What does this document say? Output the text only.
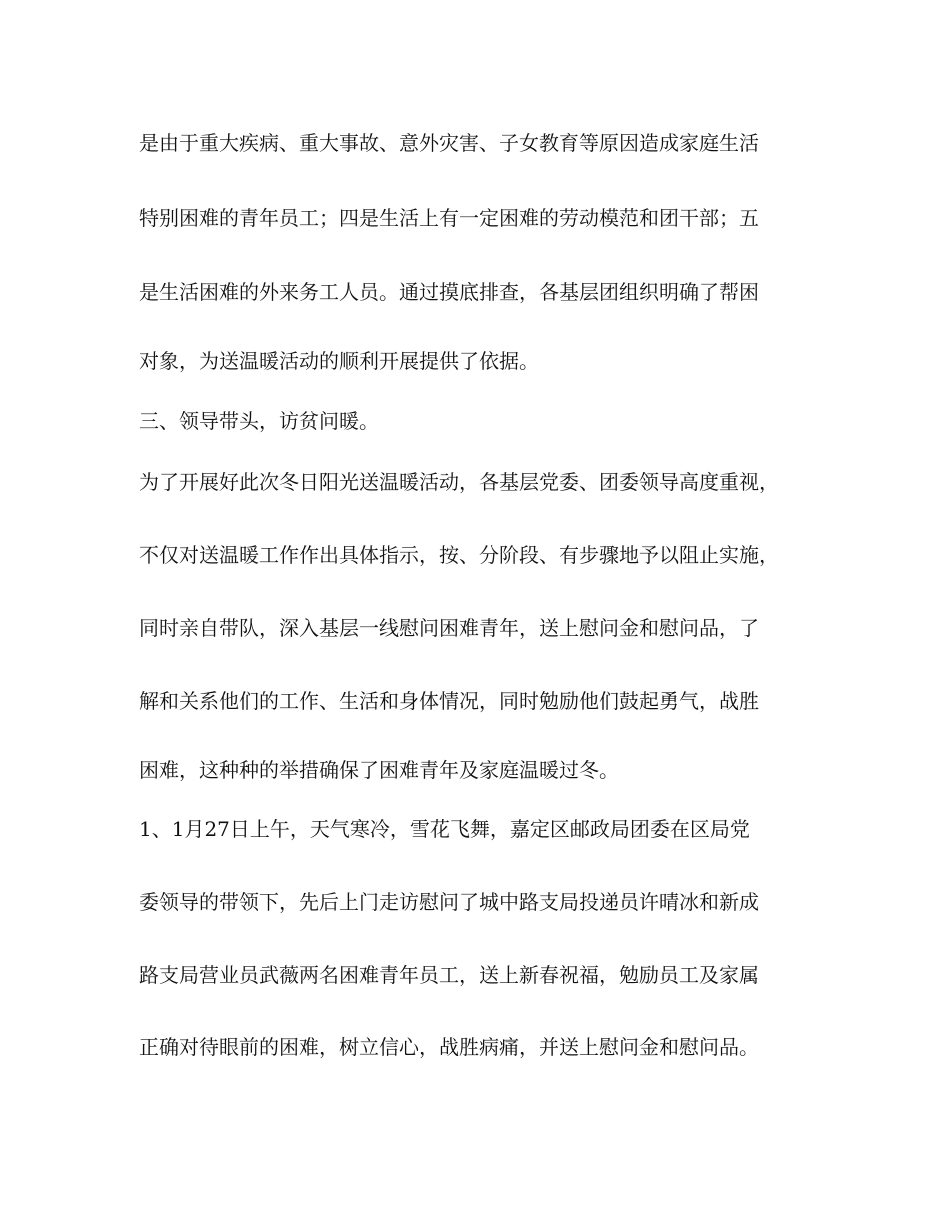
是由于重大疾病、重大事故、意外灾害、子女教育等原因造成家庭生活
特别困难的青年员工；四是生活上有一定困难的劳动模范和团干部；五
是生活困难的外来务工人员。通过摸底排查，各基层团组织明确了帮困
对象，为送温暖活动的顺利开展提供了依据。
三、领导带头，访贫问暖。
为了开展好此次冬日阳光送温暖活动，各基层党委、团委领导高度重视，
不仅对送温暖工作作出具体指示，按、分阶段、有步骤地予以阻止实施，
同时亲自带队，深入基层一线慰问困难青年，送上慰问金和慰问品，了
解和关系他们的工作、生活和身体情况，同时勉励他们鼓起勇气，战胜
困难，这种种的举措确保了困难青年及家庭温暖过冬。
1、1月27日上午，天气寒冷，雪花飞舞，嘉定区邮政局团委在区局党
委领导的带领下，先后上门走访慰问了城中路支局投递员许晴冰和新成
路支局营业员武薇两名困难青年员工，送上新春祝福，勉励员工及家属
正确对待眼前的困难，树立信心，战胜病痛，并送上慰问金和慰问品。
